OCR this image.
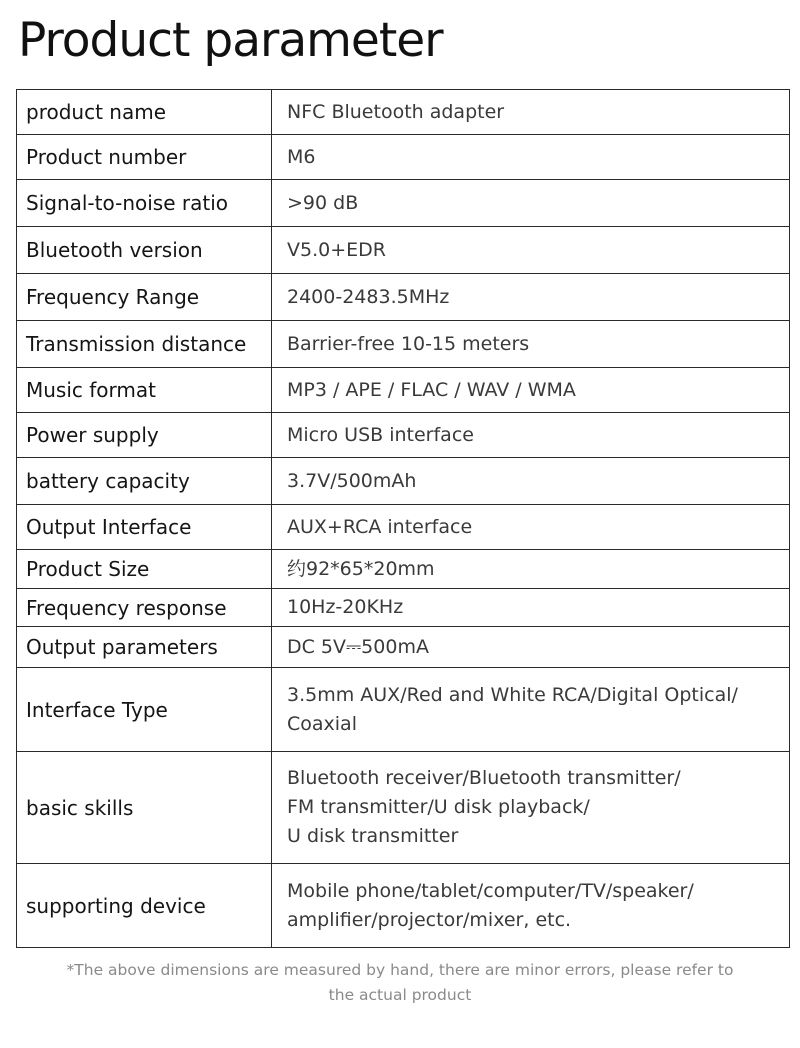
Product parameter
product name	NFC Bluetooth adapter

Product number	M6

Signal-to-noise ratio	>90 dB

Bluetooth version	V5.0+EDR

Frequency Range	2400-2483.5MHz

Transmission distance	Barrier-free 10-15 meters

Music format	MP3 / APE / FLAC / WAV / WMA

Power supply	Micro USB interface

battery capacity	3.7V/500mAh

Output Interface	AUX+RCA interface

Product Size	约92*65*20mm

Frequency response	10Hz-20KHz

Output parameters	DC 5V⎓500mA

Interface Type	3.5mm AUX/Red and White RCA/Digital Optical/
Coaxial

basic skills	Bluetooth receiver/Bluetooth transmitter/
FM transmitter/U disk playback/
U disk transmitter

supporting device	Mobile phone/tablet/computer/TV/speaker/
amplifier/projector/mixer, etc.
*The above dimensions are measured by hand, there are minor errors, please refer to
the actual product
